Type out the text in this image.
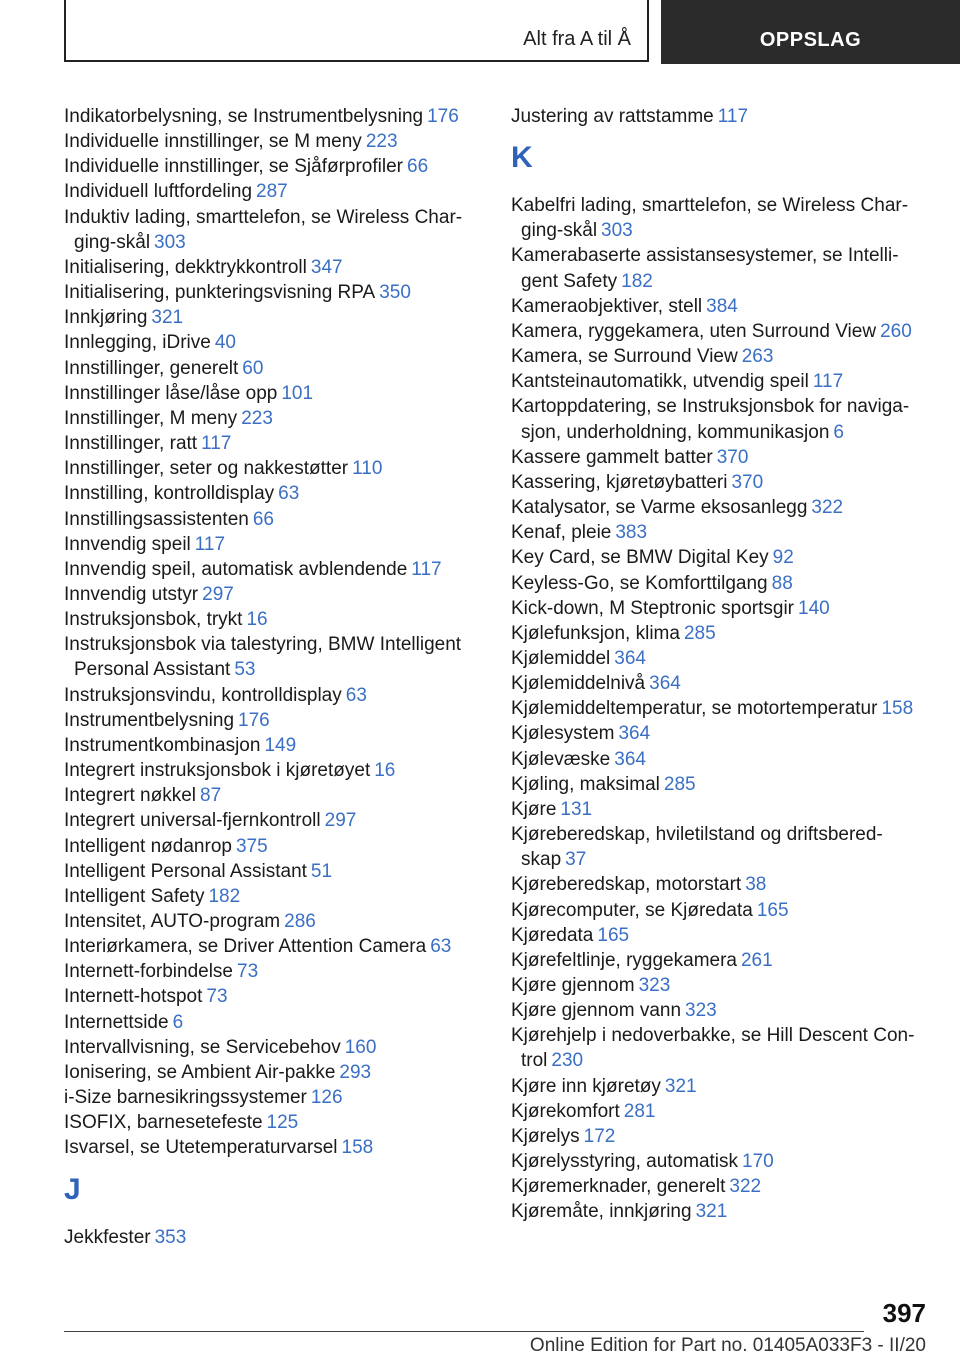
Alt fra A til Å	OPPSLAG
Indikatorbelysning, se Instrumentbelysning 176
Individuelle innstillinger, se M meny 223
Individuelle innstillinger, se Sjåførprofiler 66
Individuell luftfordeling 287
Induktiv lading, smarttelefon, se Wireless Charging-skål 303
Initialisering, dekktrykkontroll 347
Initialisering, punkteringsvisning RPA 350
Innkjøring 321
Innlegging, iDrive 40
Innstillinger, generelt 60
Innstillinger låse/låse opp 101
Innstillinger, M meny 223
Innstillinger, ratt 117
Innstillinger, seter og nakkestøtter 110
Innstilling, kontrolldisplay 63
Innstillingsassistenten 66
Innvendig speil 117
Innvendig speil, automatisk avblendende 117
Innvendig utstyr 297
Instruksjonsbok, trykt 16
Instruksjonsbok via talestyring, BMW Intelligent Personal Assistant 53
Instruksjonsvindu, kontrolldisplay 63
Instrumentbelysning 176
Instrumentkombinasjon 149
Integrert instruksjonsbok i kjøretøyet 16
Integrert nøkkel 87
Integrert universal-fjernkontroll 297
Intelligent nødanrop 375
Intelligent Personal Assistant 51
Intelligent Safety 182
Intensitet, AUTO-program 286
Interiørkamera, se Driver Attention Camera 63
Internett-forbindelse 73
Internett-hotspot 73
Internettside 6
Intervallvisning, se Servicebehov 160
Ionisering, se Ambient Air-pakke 293
i-Size barnesikringssystemer 126
ISOFIX, barnesetefeste 125
Isvarsel, se Utetemperaturvarsel 158
J
Jekkfester 353
Justering av rattstamme 117
K
Kabelfri lading, smarttelefon, se Wireless Charging-skål 303
Kamerabaserte assistansesystemer, se Intelligent Safety 182
Kameraobjektiver, stell 384
Kamera, ryggekamera, uten Surround View 260
Kamera, se Surround View 263
Kantsteinautomatikk, utvendig speil 117
Kartoppdatering, se Instruksjonsbok for navigasjon, underholdning, kommunikasjon 6
Kassere gammelt batter 370
Kassering, kjøretøybatteri 370
Katalysator, se Varme eksosanlegg 322
Kenaf, pleie 383
Key Card, se BMW Digital Key 92
Keyless-Go, se Komforttilgang 88
Kick-down, M Steptronic sportsgir 140
Kjølefunksjon, klima 285
Kjølemiddel 364
Kjølemiddelnivå 364
Kjølemiddeltemperatur, se motortemperatur 158
Kjølesystem 364
Kjølevæske 364
Kjøling, maksimal 285
Kjøre 131
Kjøreberedskap, hviletilstand og driftsberedskap 37
Kjøreberedskap, motorstart 38
Kjørecomputer, se Kjøredata 165
Kjøredata 165
Kjørefeltlinje, ryggekamera 261
Kjøre gjennom 323
Kjøre gjennom vann 323
Kjørehjelp i nedoverbakke, se Hill Descent Control 230
Kjøre inn kjøretøy 321
Kjørekomfort 281
Kjørelys 172
Kjørelysstyring, automatisk 170
Kjøremerknader, generelt 322
Kjøremåte, innkjøring 321
397
Online Edition for Part no. 01405A033F3 - II/20
